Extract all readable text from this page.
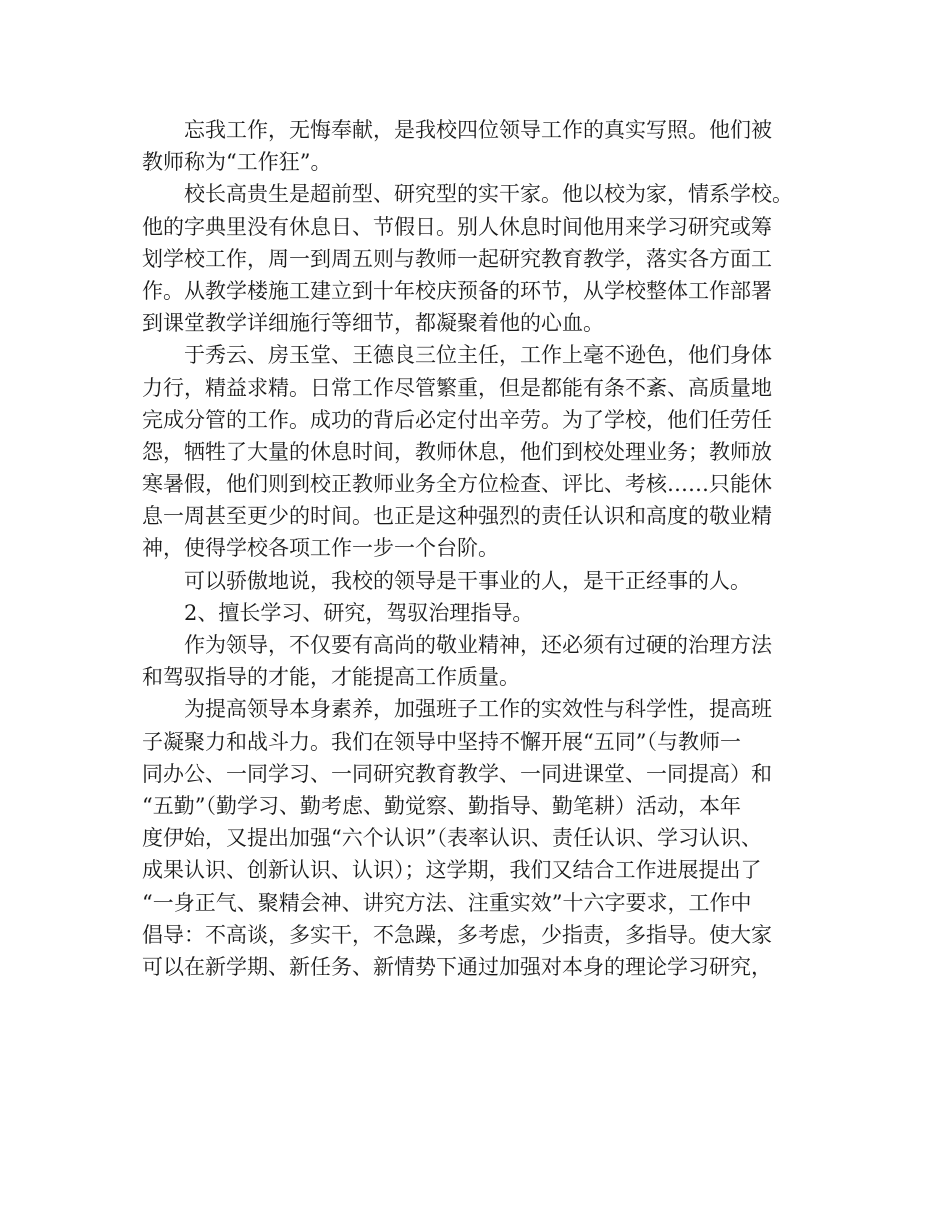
忘我工作，无悔奉献，是我校四位领导工作的真实写照。他们被
教师称为“工作狂”。
校长高贵生是超前型、研究型的实干家。他以校为家，情系学校。
他的字典里没有休息日、节假日。别人休息时间他用来学习研究或筹
划学校工作，周一到周五则与教师一起研究教育教学，落实各方面工
作。从教学楼施工建立到十年校庆预备的环节，从学校整体工作部署
到课堂教学详细施行等细节，都凝聚着他的心血。
于秀云、房玉堂、王德良三位主任，工作上毫不逊色，他们身体
力行，精益求精。日常工作尽管繁重，但是都能有条不紊、高质量地
完成分管的工作。成功的背后必定付出辛劳。为了学校，他们任劳任
怨，牺牲了大量的休息时间，教师休息，他们到校处理业务；教师放
寒暑假，他们则到校正教师业务全方位检查、评比、考核……只能休
息一周甚至更少的时间。也正是这种强烈的责任认识和高度的敬业精
神，使得学校各项工作一步一个台阶。
可以骄傲地说，我校的领导是干事业的人，是干正经事的人。
2、擅长学习、研究，驾驭治理指导。
作为领导，不仅要有高尚的敬业精神，还必须有过硬的治理方法
和驾驭指导的才能，才能提高工作质量。
为提高领导本身素养，加强班子工作的实效性与科学性，提高班
子凝聚力和战斗力。我们在领导中坚持不懈开展“五同”（与教师一
同办公、一同学习、一同研究教育教学、一同进课堂、一同提高）和
“五勤”（勤学习、勤考虑、勤觉察、勤指导、勤笔耕）活动，本年
度伊始，又提出加强“六个认识”（表率认识、责任认识、学习认识、
成果认识、创新认识、认识）；这学期，我们又结合工作进展提出了
“一身正气、聚精会神、讲究方法、注重实效”十六字要求，工作中
倡导：不高谈，多实干，不急躁，多考虑，少指责，多指导。使大家
可以在新学期、新任务、新情势下通过加强对本身的理论学习研究，
